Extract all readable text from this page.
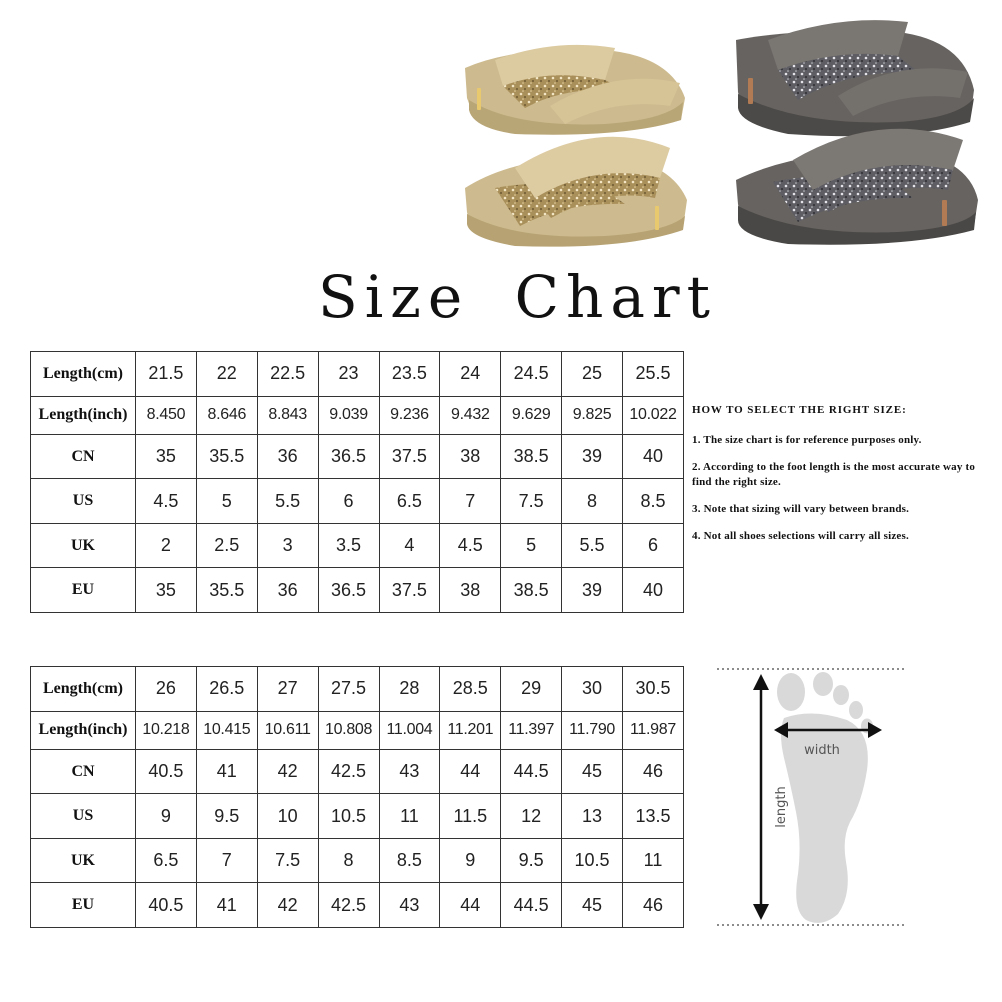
Size Chart
Length(cm)	21.5	22	22.5	23	23.5	24	24.5	25	25.5
Length(inch)	8.450	8.646	8.843	9.039	9.236	9.432	9.629	9.825	10.022
CN	35	35.5	36	36.5	37.5	38	38.5	39	40
US	4.5	5	5.5	6	6.5	7	7.5	8	8.5
UK	2	2.5	3	3.5	4	4.5	5	5.5	6
EU	35	35.5	36	36.5	37.5	38	38.5	39	40
HOW TO SELECT THE RIGHT SIZE:
1. The size chart is for reference purposes only.
2. According to the foot length is the most accurate way to find the right size.
3. Note that sizing will vary between brands.
4. Not all shoes selections will carry all sizes.
Length(cm)	26	26.5	27	27.5	28	28.5	29	30	30.5
Length(inch)	10.218	10.415	10.611	10.808	11.004	11.201	11.397	11.790	11.987
CN	40.5	41	42	42.5	43	44	44.5	45	46
US	9	9.5	10	10.5	11	11.5	12	13	13.5
UK	6.5	7	7.5	8	8.5	9	9.5	10.5	11
EU	40.5	41	42	42.5	43	44	44.5	45	46
length
width
